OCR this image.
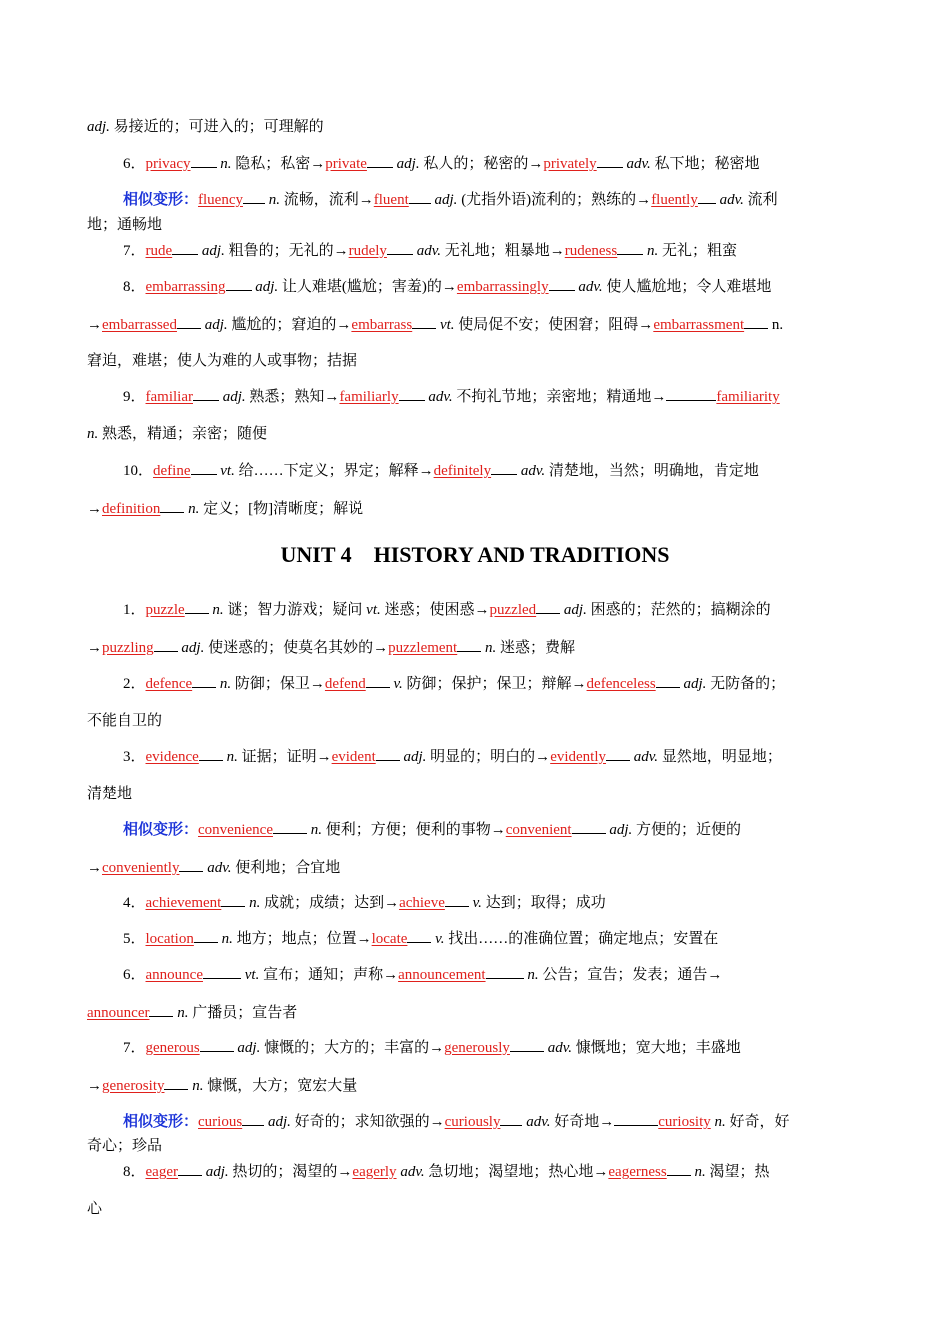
adj. 易接近的；可进入的；可理解的
6．privacy n. 隐私；私密→private adj. 私人的；秘密的→privately adv. 私下地；秘密地
相似变形：fluency n. 流畅，流利→fluent adj. (尤指外语)流利的；熟练的→fluently adv. 流利
地；通畅地
7．rude adj. 粗鲁的；无礼的→rudely adv. 无礼地；粗暴地→rudeness n. 无礼；粗蛮
8．embarrassing adj. 让人难堪(尴尬；害羞)的→embarrassingly adv. 使人尴尬地；令人难堪地
→embarrassed adj. 尴尬的；窘迫的→embarrass vt. 使局促不安；使困窘；阻碍→embarrassment n.
窘迫，难堪；使人为难的人或事物；拮据
9．familiar adj. 熟悉；熟知→familiarly adv. 不拘礼节地；亲密地；精通地→	familiarity
n. 熟悉，精通；亲密；随便
10．define vt. 给……下定义；界定；解释→definitely adv. 清楚地，当然；明确地，肯定地
→definition n. 定义；[物]清晰度；解说
UNIT 4    HISTORY AND TRADITIONS
1．puzzle n. 谜；智力游戏；疑问 vt. 迷惑；使困惑→puzzled adj. 困惑的；茫然的；搞糊涂的
→puzzling adj. 使迷惑的；使莫名其妙的→puzzlement n. 迷惑；费解
2．defence n. 防御；保卫→defend v. 防御；保护；保卫；辩解→defenceless adj. 无防备的；
不能自卫的
3．evidence n. 证据；证明→evident adj. 明显的；明白的→evidently adv. 显然地，明显地；
清楚地
相似变形：convenience	n. 便利；方便；便利的事物→convenient	adj. 方便的；近便的
→conveniently adv. 便利地；合宜地
4．achievement n. 成就；成绩；达到→achieve v. 达到；取得；成功
5．location n. 地方；地点；位置→locate v. 找出……的准确位置；确定地点；安置在
6．announce	vt. 宣布；通知；声称→announcement	n. 公告；宣告；发表；通告→
announcer n. 广播员；宣告者
7．generous	adj. 慷慨的；大方的；丰富的→generously	adv. 慷慨地；宽大地；丰盛地
→generosity n. 慷慨，大方；宽宏大量
相似变形：curious adj. 好奇的；求知欲强的→curiously adv. 好奇地→	curiosity n. 好奇，好
奇心；珍品
8．eager adj. 热切的；渴望的→eagerly adv. 急切地；渴望地；热心地→eagerness n. 渴望；热
心
